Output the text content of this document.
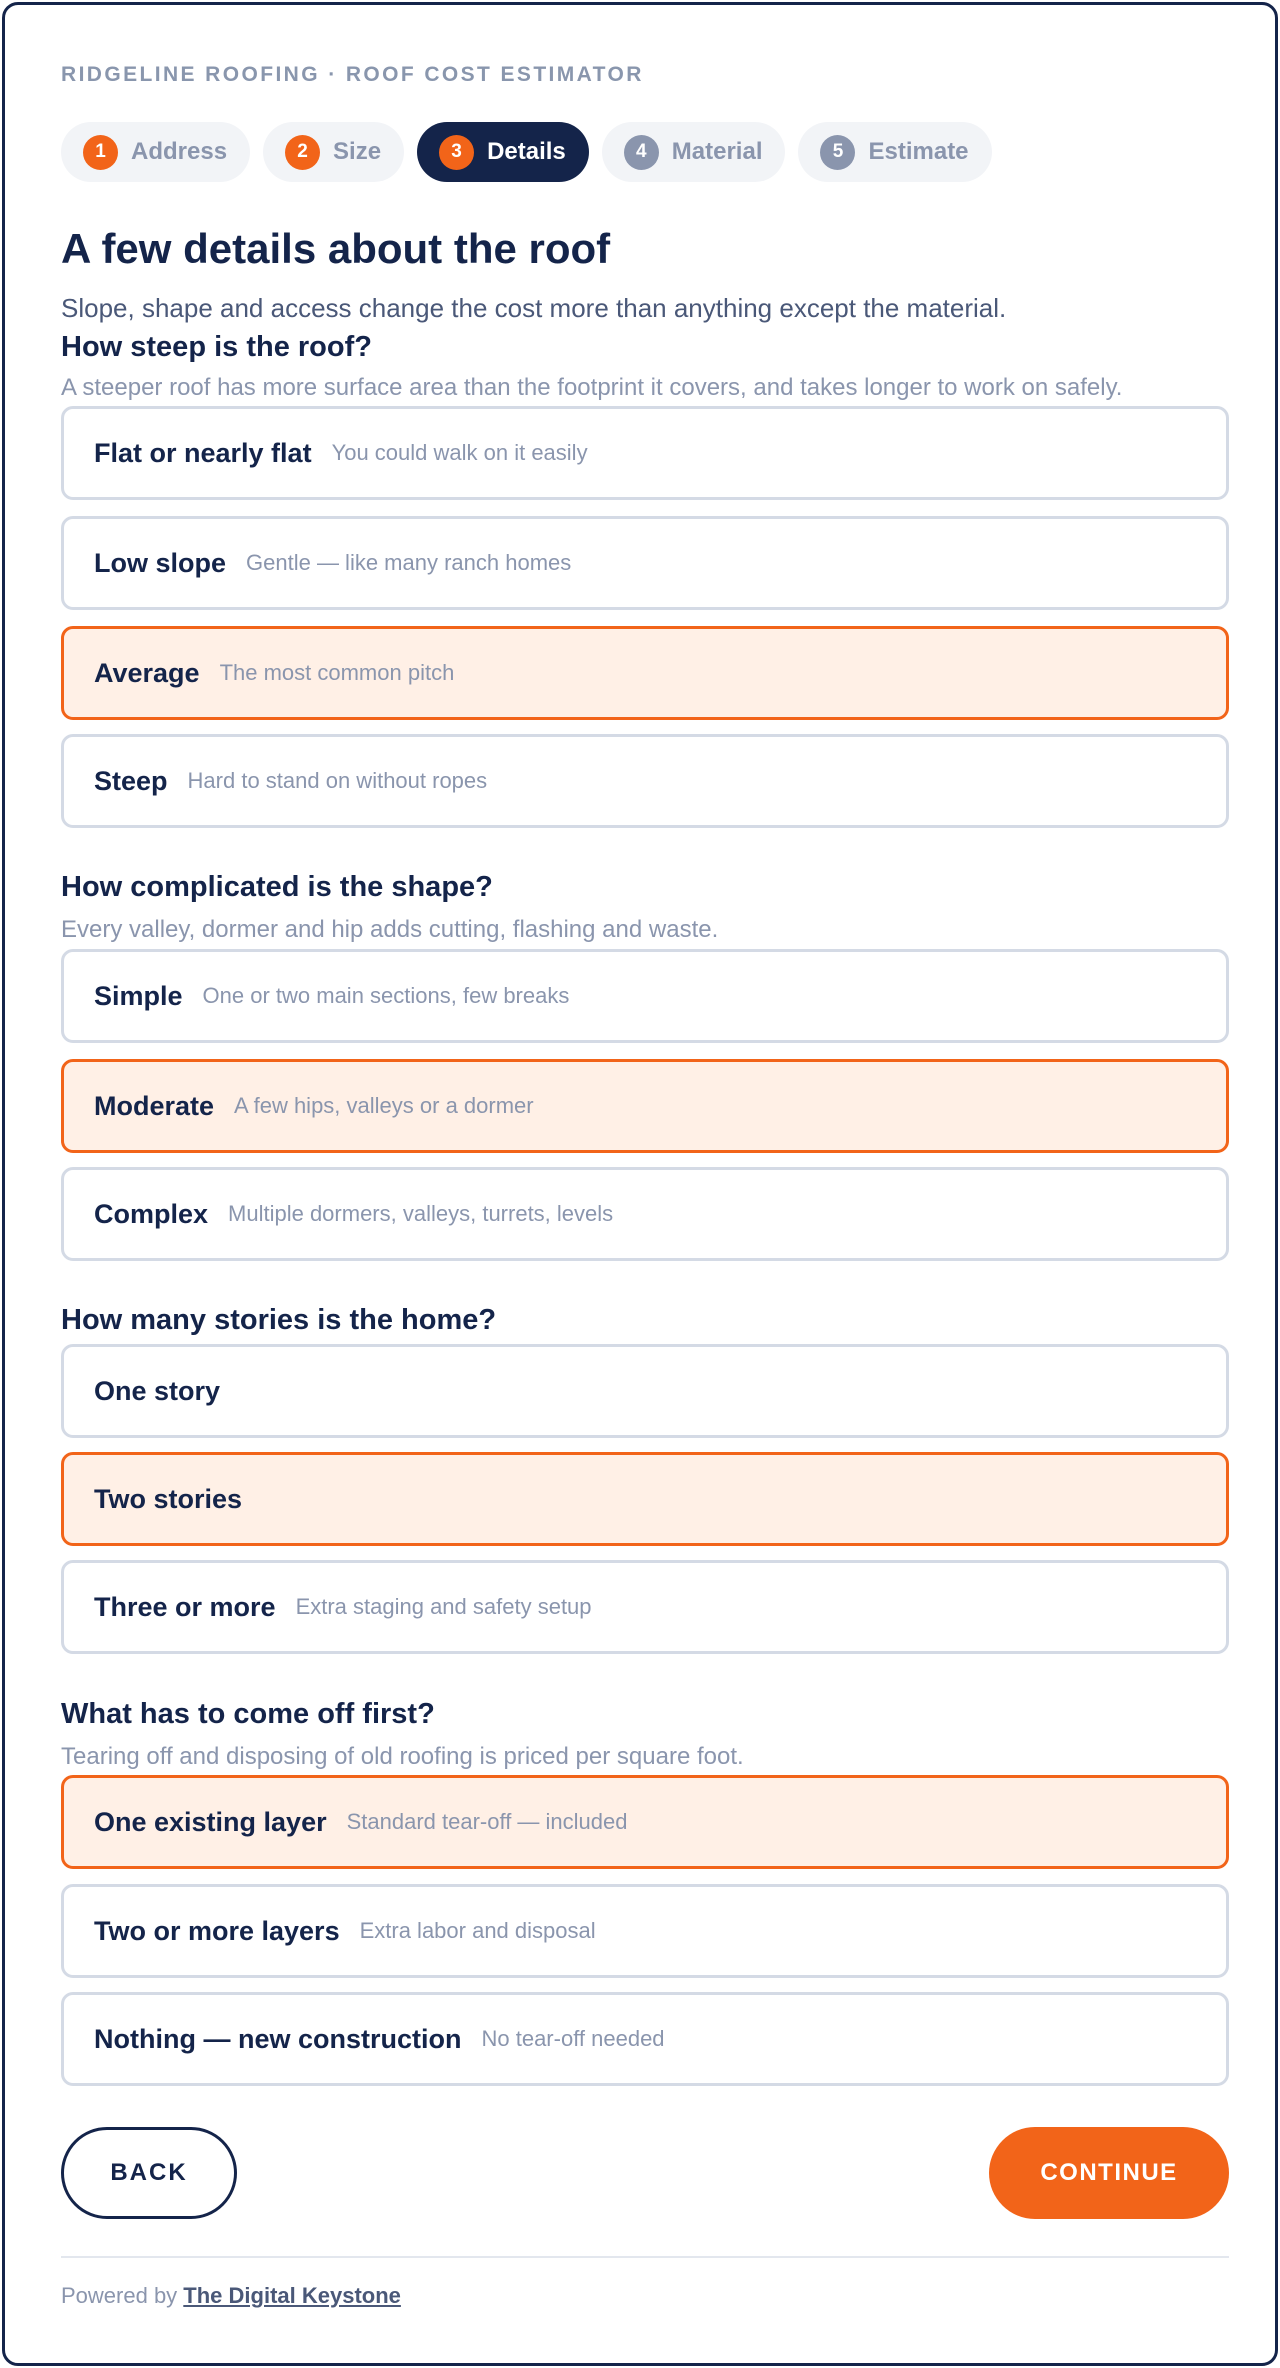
RIDGELINE ROOFING · ROOF COST ESTIMATOR
1	Address	2	Size	3	Details	4	Material	5	Estimate
A few details about the roof

Slope, shape and access change the cost more than anything except the material.

How steep is the roof?
A steeper roof has more surface area than the footprint it covers, and takes longer to work on safely.
Flat or nearly flat You could walk on it easily
Low slope Gentle — like many ranch homes
Average The most common pitch
Steep Hard to stand on without ropes
How complicated is the shape?
Every valley, dormer and hip adds cutting, flashing and waste.
Simple One or two main sections, few breaks
Moderate A few hips, valleys or a dormer
Complex Multiple dormers, valleys, turrets, levels
How many stories is the home?
One story
Two stories
Three or more Extra staging and safety setup
What has to come off first?
Tearing off and disposing of old roofing is priced per square foot.
One existing layer Standard tear-off — included
Two or more layers Extra labor and disposal
Nothing — new construction No tear-off needed
BACK	CONTINUE
Powered by The Digital Keystone
